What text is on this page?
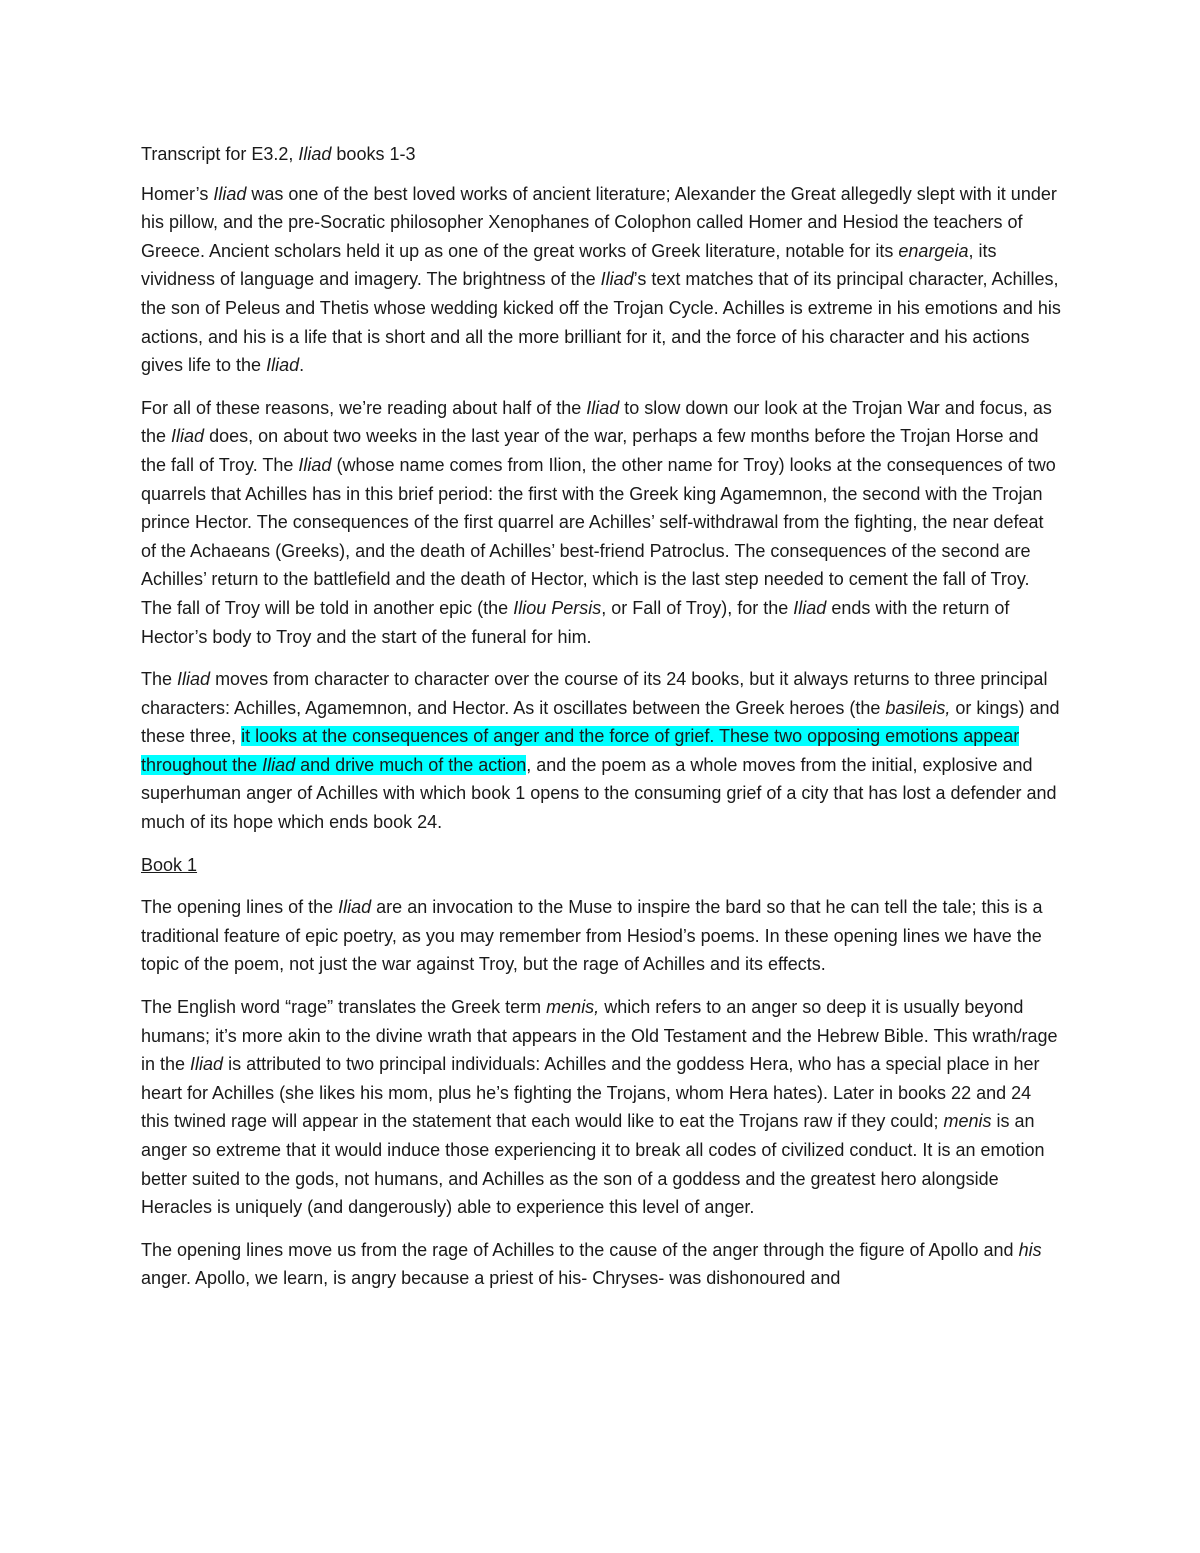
Transcript for E3.2, Iliad books 1-3

Homer’s Iliad was one of the best loved works of ancient literature; Alexander the Great allegedly slept with it under his pillow, and the pre-Socratic philosopher Xenophanes of Colophon called Homer and Hesiod the teachers of Greece. Ancient scholars held it up as one of the great works of Greek literature, notable for its enargeia, its vividness of language and imagery. The brightness of the Iliad’s text matches that of its principal character, Achilles, the son of Peleus and Thetis whose wedding kicked off the Trojan Cycle. Achilles is extreme in his emotions and his actions, and his is a life that is short and all the more brilliant for it, and the force of his character and his actions gives life to the Iliad.

For all of these reasons, we’re reading about half of the Iliad to slow down our look at the Trojan War and focus, as the Iliad does, on about two weeks in the last year of the war, perhaps a few months before the Trojan Horse and the fall of Troy. The Iliad (whose name comes from Ilion, the other name for Troy) looks at the consequences of two quarrels that Achilles has in this brief period: the first with the Greek king Agamemnon, the second with the Trojan prince Hector. The consequences of the first quarrel are Achilles’ self-withdrawal from the fighting, the near defeat of the Achaeans (Greeks), and the death of Achilles’ best-friend Patroclus. The consequences of the second are Achilles’ return to the battlefield and the death of Hector, which is the last step needed to cement the fall of Troy. The fall of Troy will be told in another epic (the Iliou Persis, or Fall of Troy), for the Iliad ends with the return of Hector’s body to Troy and the start of the funeral for him.

The Iliad moves from character to character over the course of its 24 books, but it always returns to three principal characters: Achilles, Agamemnon, and Hector. As it oscillates between the Greek heroes (the basileis, or kings) and these three, it looks at the consequences of anger and the force of grief. These two opposing emotions appear throughout the Iliad and drive much of the action, and the poem as a whole moves from the initial, explosive and superhuman anger of Achilles with which book 1 opens to the consuming grief of a city that has lost a defender and much of its hope which ends book 24.

Book 1

The opening lines of the Iliad are an invocation to the Muse to inspire the bard so that he can tell the tale; this is a traditional feature of epic poetry, as you may remember from Hesiod’s poems. In these opening lines we have the topic of the poem, not just the war against Troy, but the rage of Achilles and its effects.

The English word “rage” translates the Greek term menis, which refers to an anger so deep it is usually beyond humans; it’s more akin to the divine wrath that appears in the Old Testament and the Hebrew Bible. This wrath/rage in the Iliad is attributed to two principal individuals: Achilles and the goddess Hera, who has a special place in her heart for Achilles (she likes his mom, plus he’s fighting the Trojans, whom Hera hates). Later in books 22 and 24 this twined rage will appear in the statement that each would like to eat the Trojans raw if they could; menis is an anger so extreme that it would induce those experiencing it to break all codes of civilized conduct. It is an emotion better suited to the gods, not humans, and Achilles as the son of a goddess and the greatest hero alongside Heracles is uniquely (and dangerously) able to experience this level of anger.

The opening lines move us from the rage of Achilles to the cause of the anger through the figure of Apollo and his anger. Apollo, we learn, is angry because a priest of his- Chryses- was dishonoured and
